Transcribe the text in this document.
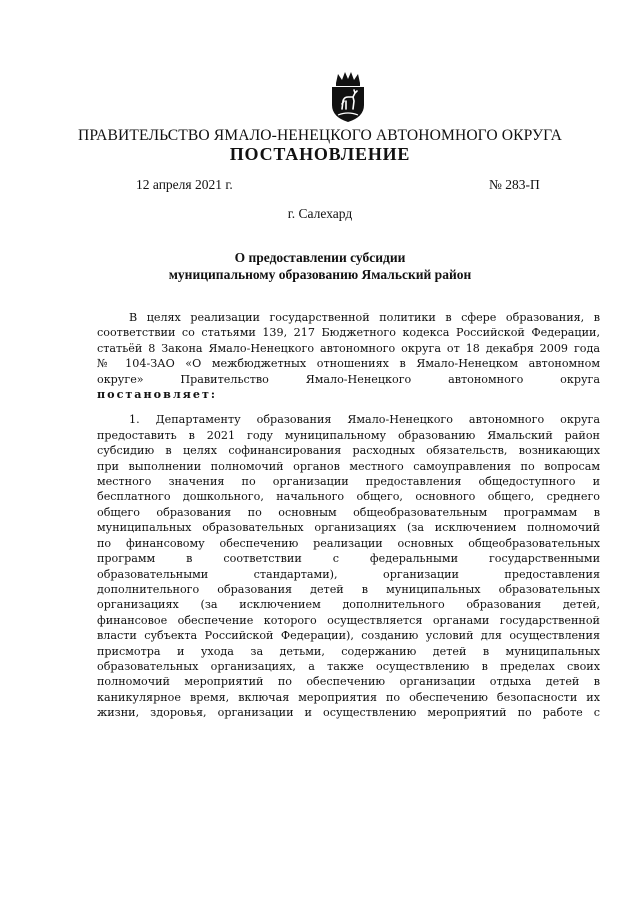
ПРАВИТЕЛЬСТВО ЯМАЛО-НЕНЕЦКОГО АВТОНОМНОГО ОКРУГА
ПОСТАНОВЛЕНИЕ
12 апреля 2021 г.	№ 283-П
г. Салехард
О предоставлении субсидии
муниципальному образованию Ямальский район
В целях реализации государственной политики в сфере образования, в
соответствии со статьями 139, 217 Бюджетного кодекса Российской Федерации,
статьёй 8 Закона Ямало-Ненецкого автономного округа от 18 декабря 2009 года
№ 104-ЗАО «О межбюджетных отношениях в Ямало-Ненецком автономном
округе» Правительство Ямало-Ненецкого автономного округа
постановляет:
1. Департаменту образования Ямало-Ненецкого автономного округа
предоставить в 2021 году муниципальному образованию Ямальский район
субсидию в целях софинансирования расходных обязательств, возникающих
при выполнении полномочий органов местного самоуправления по вопросам
местного значения по организации предоставления общедоступного и
бесплатного дошкольного, начального общего, основного общего, среднего
общего образования по основным общеобразовательным программам в
муниципальных образовательных организациях (за исключением полномочий
по финансовому обеспечению реализации основных общеобразовательных
программ в соответствии с федеральными государственными
образовательными стандартами), организации предоставления
дополнительного образования детей в муниципальных образовательных
организациях (за исключением дополнительного образования детей,
финансовое обеспечение которого осуществляется органами государственной
власти субъекта Российской Федерации), созданию условий для осуществления
присмотра и ухода за детьми, содержанию детей в муниципальных
образовательных организациях, а также осуществлению в пределах своих
полномочий мероприятий по обеспечению организации отдыха детей в
каникулярное время, включая мероприятия по обеспечению безопасности их
жизни, здоровья, организации и осуществлению мероприятий по работе с
